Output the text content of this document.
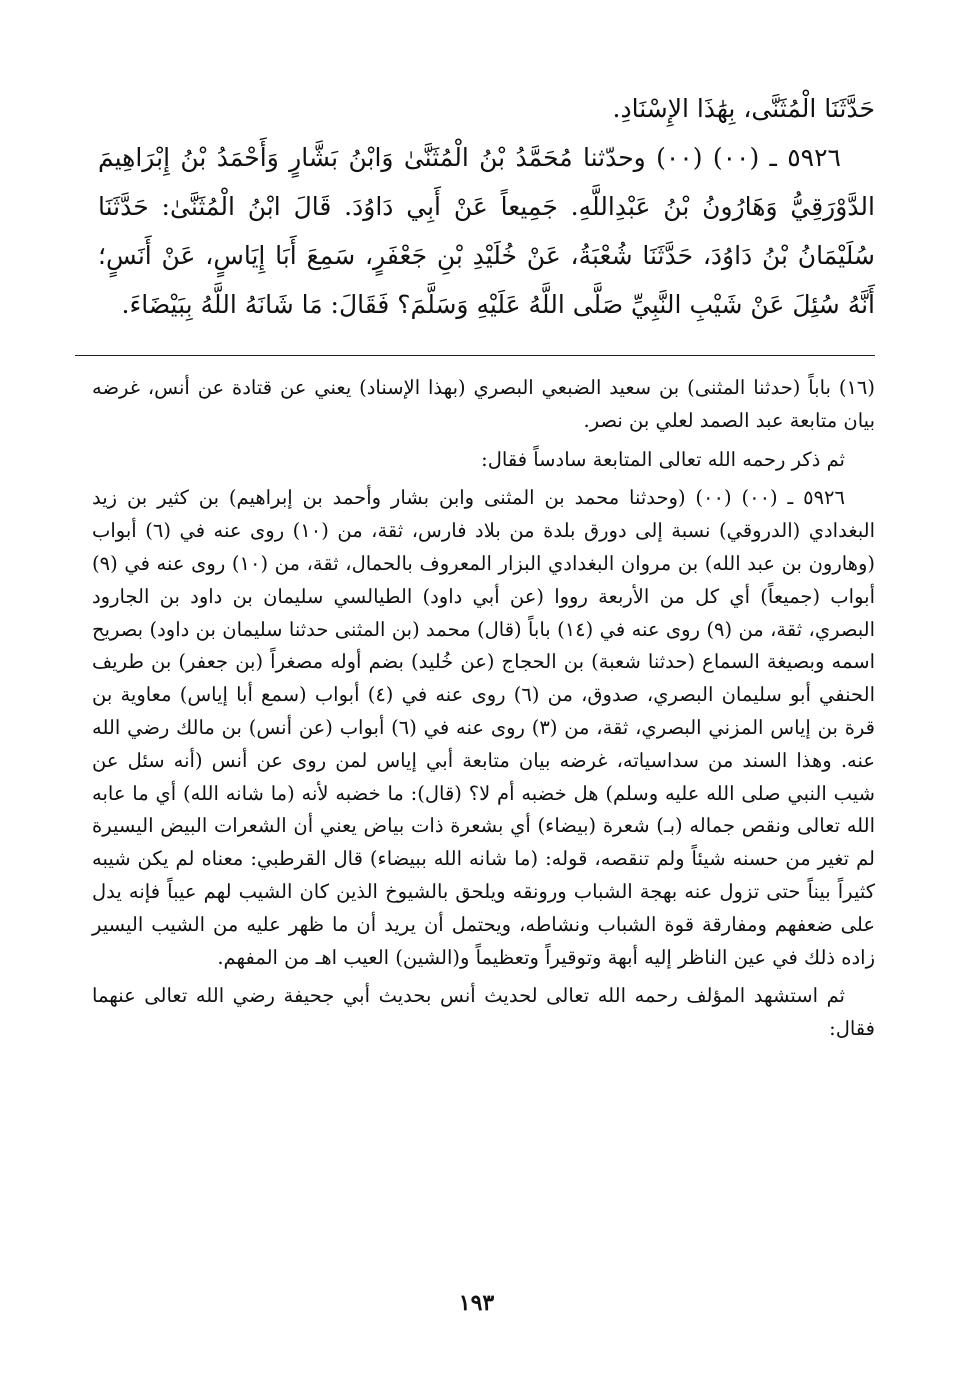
حَدَّثَنَا الْمُثَنَّى، بِهَٰذَا الإِسْنَادِ.

٥٩٢٦ ـ (٠٠) (٠٠) وحدّثنا مُحَمَّدُ بْنُ الْمُثَنَّىٰ وَابْنُ بَشَّارٍ وَأَحْمَدُ بْنُ إِبْرَاهِيمَ الدَّوْرَقِيُّ وَهَارُونُ بْنُ عَبْدِاللَّهِ. جَمِيعاً عَنْ أَبِي دَاوُدَ. قَالَ ابْنُ الْمُثَنَّىٰ: حَدَّثَنَا سُلَيْمَانُ بْنُ دَاوُدَ، حَدَّثَنَا شُعْبَةُ، عَنْ خُلَيْدِ بْنِ جَعْفَرٍ، سَمِعَ أَبَا إِيَاسٍ، عَنْ أَنَسٍ؛ أَنَّهُ سُئِلَ عَنْ شَيْبِ النَّبِيِّ صَلَّى اللَّهُ عَلَيْهِ وَسَلَّمَ؟ فَقَالَ: مَا شَانَهُ اللَّهُ بِبَيْضَاءَ.

(١٦) باباً (حدثنا المثنى) بن سعيد الضبعي البصري (بهذا الإسناد) يعني عن قتادة عن أنس، غرضه بيان متابعة عبد الصمد لعلي بن نصر.

ثم ذكر رحمه الله تعالى المتابعة سادساً فقال:

٥٩٢٦ ـ (٠٠) (٠٠) (وحدثنا محمد بن المثنى وابن بشار وأحمد بن إبراهيم) بن كثير بن زيد البغدادي (الدروقي) نسبة إلى دورق بلدة من بلاد فارس، ثقة، من (١٠) روى عنه في (٦) أبواب (وهارون بن عبد الله) بن مروان البغدادي البزار المعروف بالحمال، ثقة، من (١٠) روى عنه في (٩) أبواب (جميعاً) أي كل من الأربعة رووا (عن أبي داود) الطيالسي سليمان بن داود بن الجارود البصري، ثقة، من (٩) روى عنه في (١٤) باباً (قال) محمد (بن المثنى حدثنا سليمان بن داود) بصريح اسمه وبصيغة السماع (حدثنا شعبة) بن الحجاج (عن خُليد) بضم أوله مصغراً (بن جعفر) بن طريف الحنفي أبو سليمان البصري، صدوق، من (٦) روى عنه في (٤) أبواب (سمع أبا إياس) معاوية بن قرة بن إياس المزني البصري، ثقة، من (٣) روى عنه في (٦) أبواب (عن أنس) بن مالك رضي الله عنه. وهذا السند من سداسياته، غرضه بيان متابعة أبي إياس لمن روى عن أنس (أنه سئل عن شيب النبي صلى الله عليه وسلم) هل خضبه أم لا؟ (قال): ما خضبه لأنه (ما شانه الله) أي ما عابه الله تعالى ونقص جماله (بـ) شعرة (بيضاء) أي بشعرة ذات بياض يعني أن الشعرات البيض اليسيرة لم تغير من حسنه شيئاً ولم تنقصه، قوله: (ما شانه الله ببيضاء) قال القرطبي: معناه لم يكن شيبه كثيراً بيناً حتى تزول عنه بهجة الشباب ورونقه ويلحق بالشيوخ الذين كان الشيب لهم عيباً فإنه يدل على ضعفهم ومفارقة قوة الشباب ونشاطه، ويحتمل أن يريد أن ما ظهر عليه من الشيب اليسير زاده ذلك في عين الناظر إليه أبهة وتوقيراً وتعظيماً و(الشين) العيب اهـ من المفهم.

ثم استشهد المؤلف رحمه الله تعالى لحديث أنس بحديث أبي جحيفة رضي الله تعالى عنهما فقال:

١٩٣
